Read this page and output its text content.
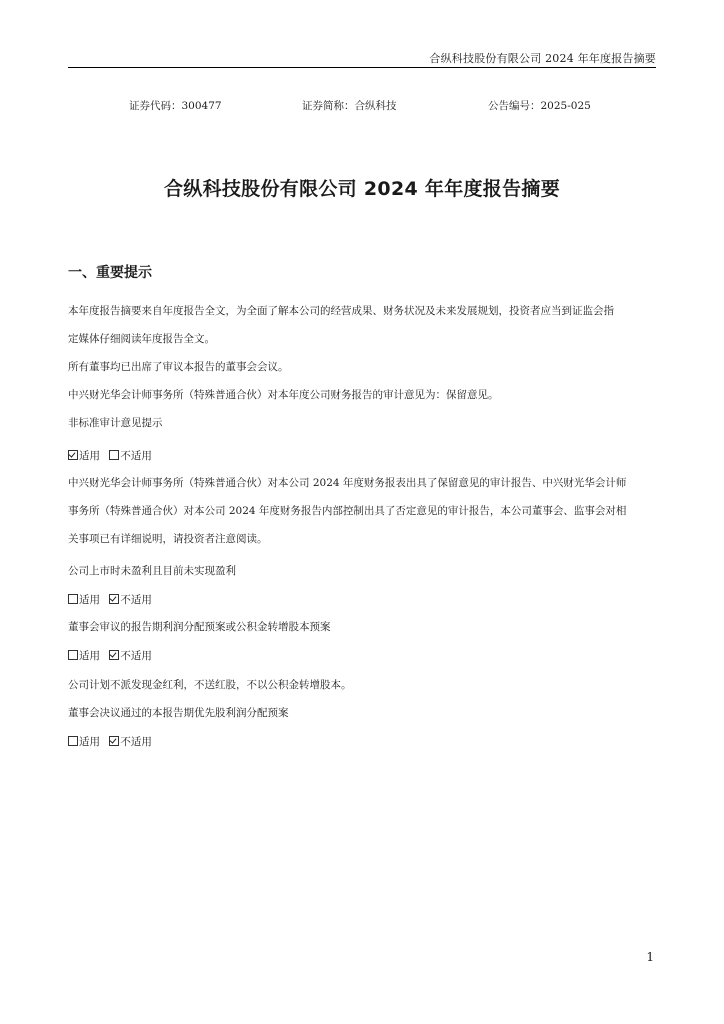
合纵科技股份有限公司 2024 年年度报告摘要
证券代码：300477	证券简称：合纵科技	公告编号：2025-025
合纵科技股份有限公司 2024 年年度报告摘要
一、重要提示
本年度报告摘要来自年度报告全文，为全面了解本公司的经营成果、财务状况及未来发展规划，投资者应当到证监会指
定媒体仔细阅读年度报告全文。
所有董事均已出席了审议本报告的董事会会议。
中兴财光华会计师事务所（特殊普通合伙）对本年度公司财务报告的审计意见为：保留意见。
非标准审计意见提示
适用 不适用
中兴财光华会计师事务所（特殊普通合伙）对本公司 2024 年度财务报表出具了保留意见的审计报告、中兴财光华会计师
事务所（特殊普通合伙）对本公司 2024 年度财务报告内部控制出具了否定意见的审计报告，本公司董事会、监事会对相
关事项已有详细说明，请投资者注意阅读。
公司上市时未盈利且目前未实现盈利
适用 不适用
董事会审议的报告期利润分配预案或公积金转增股本预案
适用 不适用
公司计划不派发现金红利，不送红股，不以公积金转增股本。
董事会决议通过的本报告期优先股利润分配预案
适用 不适用
1
